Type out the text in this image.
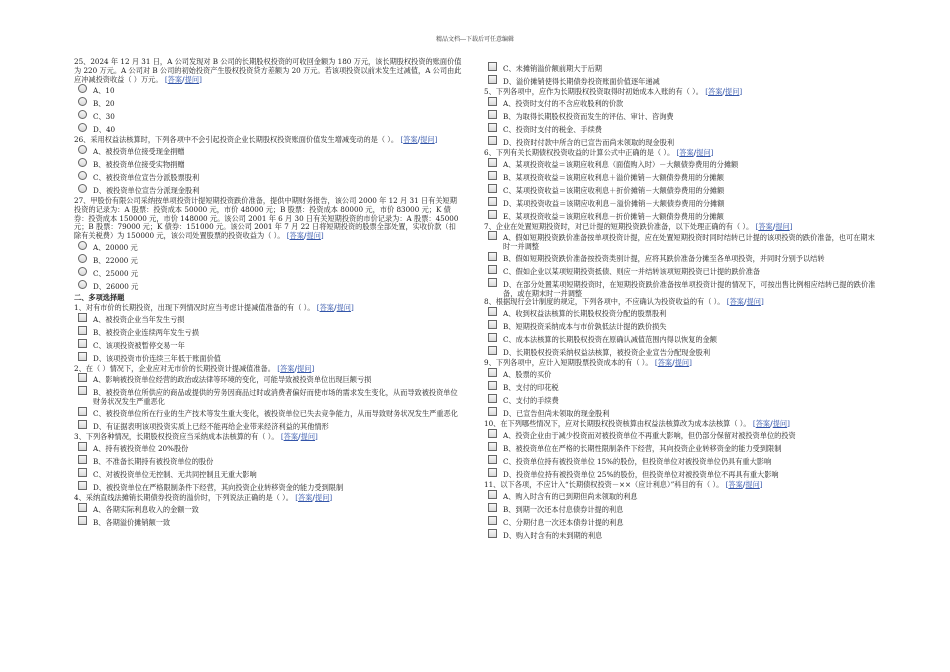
精品文档---下载后可任意编辑
25、2024 年 12 月 31 日，A 公司发现对 B 公司的长期股权投资的可收回金额为 180 万元，该长期股权投资的账面价值为 220 万元。A 公司对 B 公司的初始投资产生股权投资贷方差额为 20 万元。若该项投资以前未发生过减值，A 公司由此应冲减投资收益（ ）万元。 [答案/提问]
A、10
B、20
C、30
D、40
26、采用权益法核算时，下列各项中不会引起投资企业长期股权投资账面价值发生增减变动的是（ ）。 [答案/提问]
A、被投资单位接受现金捐赠
B、被投资单位接受实物捐赠
C、被投资单位宣告分派股票股利
D、被投资单位宣告分派现金股利
27、甲股份有限公司采纳按单项投资计提短期投资跌价准备，提供中期财务报告，该公司 2000 年 12 月 31 日有关短期投资的记录为：A 股票：投资成本 50000 元，市价 48000 元；B 股票：投资成本 80000 元，市价 83000 元；K 债券：投资成本 150000 元，市价 148000 元。该公司 2001 年 6 月 30 日有关短期投资的市价记录为：A 股票：45000 元；B 股票：79000 元；K 债券：151000 元。该公司 2001 年 7 月 22 日将短期投资的股票全部处置，实收价款（扣除有关税费）为 150000 元，该公司处置股票的投资收益为（ ）。 [答案/提问]
A、20000 元
B、22000 元
C、25000 元
D、26000 元
二、多项选择题
1、对有市价的长期投资，出现下列情况时应当考虑计提减值准备的有（ ）。 [答案/提问]
A、被投资企业当年发生亏损
B、被投资企业连续两年发生亏损
C、该项投资被暂停交易一年
D、该项投资市价连续三年低于账面价值
2、在（ ）情况下，企业应对无市价的长期投资计提减值准备。 [答案/提问]
A、影响被投资单位经营的政治或法律等环境的变化，可能导致被投资单位出现巨额亏损
B、被投资单位所供应的商品或提供的劳务因商品过时或消费者偏好而使市场的需求发生变化，从而导致被投资单位财务状况发生严重恶化
C、被投资单位所在行业的生产技术等发生重大变化，被投资单位已失去竞争能力，从而导致财务状况发生严重恶化
D、有证据表明该项投资实质上已经不能再给企业带来经济利益的其他情形
3、下列各种情况，长期股权投资应当采纳成本法核算的有（ ）。 [答案/提问]
A、持有被投资单位 20%股份
B、不准备长期持有被投资单位的股份
C、对被投资单位无控制、无共同控制且无重大影响
D、被投资单位在严格限制条件下经营，其向投资企业转移资金的能力受到限制
4、采纳直线法摊销长期债券投资的溢价时，下列说法正确的是（ ）。 [答案/提问]
A、各期实际利息收入的金额一致
B、各期溢价摊销额一致
C、未摊销溢价额前期大于后期
D、溢价摊销使得长期债券投资账面价值逐年递减
5、下列各项中，应作为长期股权投资取得时初始成本入账的有（ ）。 [答案/提问]
A、投资时支付的不含应收股利的价款
B、为取得长期股权投资而发生的评估、审计、咨询费
C、投资时支付的税金、手续费
D、投资时付款中所含的已宣告而尚未领取的现金股利
6、下列有关长期债权投资收益的计算公式中正确的是（ ）。 [答案/提问]
A、某项投资收益＝该期应收利息（面值购入时）－大额债券费用的分摊额
B、某项投资收益＝该期应收利息＋溢价摊销－大额债券费用的分摊额
C、某项投资收益＝该期应收利息＋折价摊销－大额债券费用的分摊额
D、某项投资收益＝该期应收利息－溢价摊销－大额债券费用的分摊额
E、某项投资收益＝该期应收利息－折价摊销－大额债券费用的分摊额
7、企业在处置短期投资时，对已计提的短期投资跌价准备，以下处理正确的有（ ）。 [答案/提问]
A、假如短期投资跌价准备按单项投资计提，应在处置短期投资时同时结转已计提的该项投资的跌价准备，也可在期末时一并调整
B、假如短期投资跌价准备按投资类别计提，应将其跌价准备分摊至各单项投资，并同时分别予以结转
C、假如企业以某项短期投资抵债、则应一并结转该项短期投资已计提的跌价准备
D、在部分处置某项短期投资时，在短期投资跌价准备按单项投资计提的情况下，可按出售比例相应结转已提的跌价准备，或在期末时一并调整
8、根据现行会计制度的规定，下列各项中，不应确认为投资收益的有（ ）。 [答案/提问]
A、收到权益法核算的长期股权投资分配的股票股利
B、短期投资采纳成本与市价孰低法计提的跌价损失
C、成本法核算的长期股权投资在原确认减值范围内得以恢复的金额
D、长期股权投资采纳权益法核算，被投资企业宣告分配现金股利
9、下列各项中，应计入短期股票投资成本的有（ ）。 [答案/提问]
A、股票的买价
B、支付的印花税
C、支付的手续费
D、已宣告但尚未领取的现金股利
10、在下列哪些情况下，应对长期股权投资核算由权益法核算改为成本法核算（ ）。 [答案/提问]
A、投资企业由于减少投资而对被投资单位不再重大影响，但仍部分保留对被投资单位的投资
B、被投资单位在严格的长期性限制条件下经营，其向投资企业转移资金的能力受到限制
C、投资单位持有被投资单位 15%的股份，但投资单位对被投资单位仍具有重大影响
D、投资单位持有被投资单位 25%的股份，但投资单位对被投资单位不再具有重大影响
11、以下各项，不应计入“长期债权投资－××（应计利息）”科目的有（ ）。 [答案/提问]
A、购入时含有的已到期但尚未领取的利息
B、到期一次还本付息债券计提的利息
C、分期付息一次还本债券计提的利息
D、购入时含有的未到期的利息
